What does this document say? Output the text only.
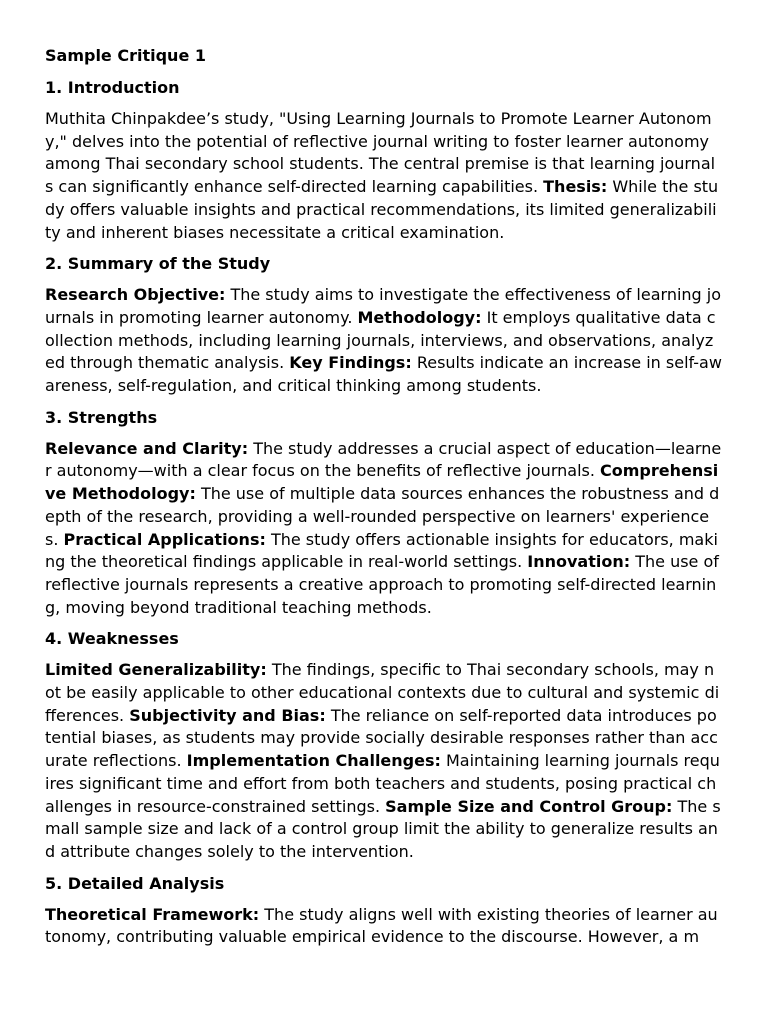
Sample Critique 1
1. Introduction

Muthita Chinpakdee’s study, "Using Learning Journals to Promote Learner Autonomy," delves into the potential of reflective journal writing to foster learner autonomy among Thai secondary school students. The central premise is that learning journals can significantly enhance self-directed learning capabilities. Thesis: While the study offers valuable insights and practical recommendations, its limited generalizability and inherent biases necessitate a critical examination.

2. Summary of the Study

Research Objective: The study aims to investigate the effectiveness of learning journals in promoting learner autonomy. Methodology: It employs qualitative data collection methods, including learning journals, interviews, and observations, analyzed through thematic analysis. Key Findings: Results indicate an increase in self-awareness, self-regulation, and critical thinking among students.

3. Strengths

Relevance and Clarity: The study addresses a crucial aspect of education—learner autonomy—with a clear focus on the benefits of reflective journals. Comprehensive Methodology: The use of multiple data sources enhances the robustness and depth of the research, providing a well-rounded perspective on learners' experiences. Practical Applications: The study offers actionable insights for educators, making the theoretical findings applicable in real-world settings. Innovation: The use of reflective journals represents a creative approach to promoting self-directed learning, moving beyond traditional teaching methods.

4. Weaknesses

Limited Generalizability: The findings, specific to Thai secondary schools, may not be easily applicable to other educational contexts due to cultural and systemic differences. Subjectivity and Bias: The reliance on self-reported data introduces potential biases, as students may provide socially desirable responses rather than accurate reflections. Implementation Challenges: Maintaining learning journals requires significant time and effort from both teachers and students, posing practical challenges in resource-constrained settings. Sample Size and Control Group: The small sample size and lack of a control group limit the ability to generalize results and attribute changes solely to the intervention.

5. Detailed Analysis

Theoretical Framework: The study aligns well with existing theories of learner autonomy, contributing valuable empirical evidence to the discourse. However, a m
